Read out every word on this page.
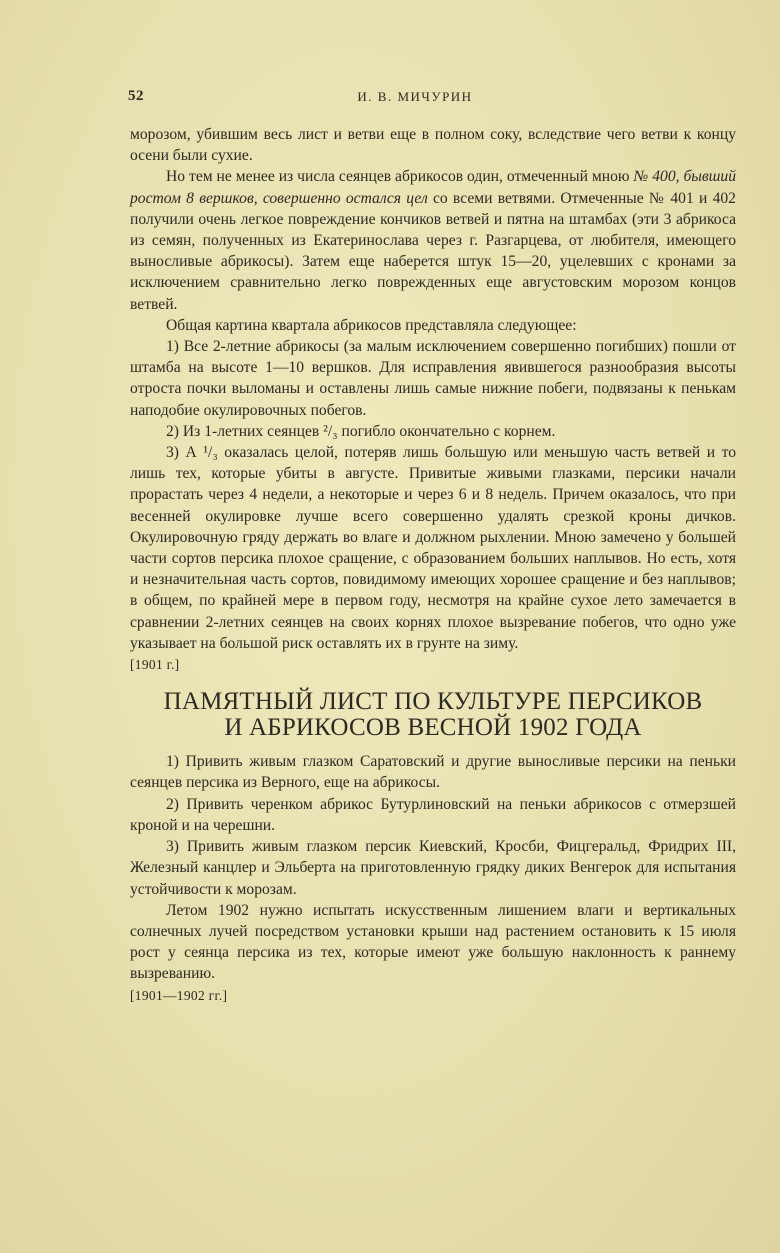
52	И. В. МИЧУРИН

морозом, убившим весь лист и ветви еще в полном соку, вследствие чего ветви к концу осени были сухие.

Но тем не менее из числа сеянцев абрикосов один, отмеченный мною № 400, бывший ростом 8 вершков, совершенно остался цел со всеми ветвями. Отмеченные № 401 и 402 получили очень легкое повреждение кончиков ветвей и пятна на штамбах (эти 3 абрикоса из семян, полученных из Екатеринослава через г. Разгарцева, от любителя, имеющего выносливые абрикосы). Затем еще наберется штук 15—20, уцелевших с кронами за исключением сравнительно легко поврежденных еще августовским морозом концов ветвей.

Общая картина квартала абрикосов представляла следующее:

1) Все 2-летние абрикосы (за малым исключением совершенно погибших) пошли от штамба на высоте 1—10 вершков. Для исправления явившегося разнообразия высоты отроста почки выломаны и оставлены лишь самые нижние побеги, подвязаны к пенькам наподобие окулировочных побегов.

2) Из 1-летних сеянцев ²/₃ погибло окончательно с корнем.

3) А ¹/₃ оказалась целой, потеряв лишь большую или меньшую часть ветвей и то лишь тех, которые убиты в августе. Привитые живыми глазками, персики начали прорастать через 4 недели, а некоторые и через 6 и 8 недель. Причем оказалось, что при весенней окулировке лучше всего совершенно удалять срезкой кроны дичков. Окулировочную гряду держать во влаге и должном рыхлении. Мною замечено у большей части сортов персика плохое сращение, с образованием больших наплывов. Но есть, хотя и незначительная часть сортов, повидимому имеющих хорошее сращение и без наплывов; в общем, по крайней мере в первом году, несмотря на крайне сухое лето замечается в сравнении 2-летних сеянцев на своих корнях плохое вызревание побегов, что одно уже указывает на большой риск оставлять их в грунте на зиму.

[1901 г.]

ПАМЯТНЫЙ ЛИСТ ПО КУЛЬТУРЕ ПЕРСИКОВ
И АБРИКОСОВ ВЕСНОЙ 1902 ГОДА

1) Привить живым глазком Саратовский и другие выносливые персики на пеньки сеянцев персика из Верного, еще на абрикосы.

2) Привить черенком абрикос Бутурлиновский на пеньки абрикосов с отмерзшей кроной и на черешни.

3) Привить живым глазком персик Киевский, Кросби, Фицгеральд, Фридрих III, Железный канцлер и Эльберта на приготовленную грядку диких Венгерок для испытания устойчивости к морозам.

Летом 1902 нужно испытать искусственным лишением влаги и вертикальных солнечных лучей посредством установки крыши над растением остановить к 15 июля рост у сеянца персика из тех, которые имеют уже большую наклонность к раннему вызреванию.

[1901—1902 гг.]
